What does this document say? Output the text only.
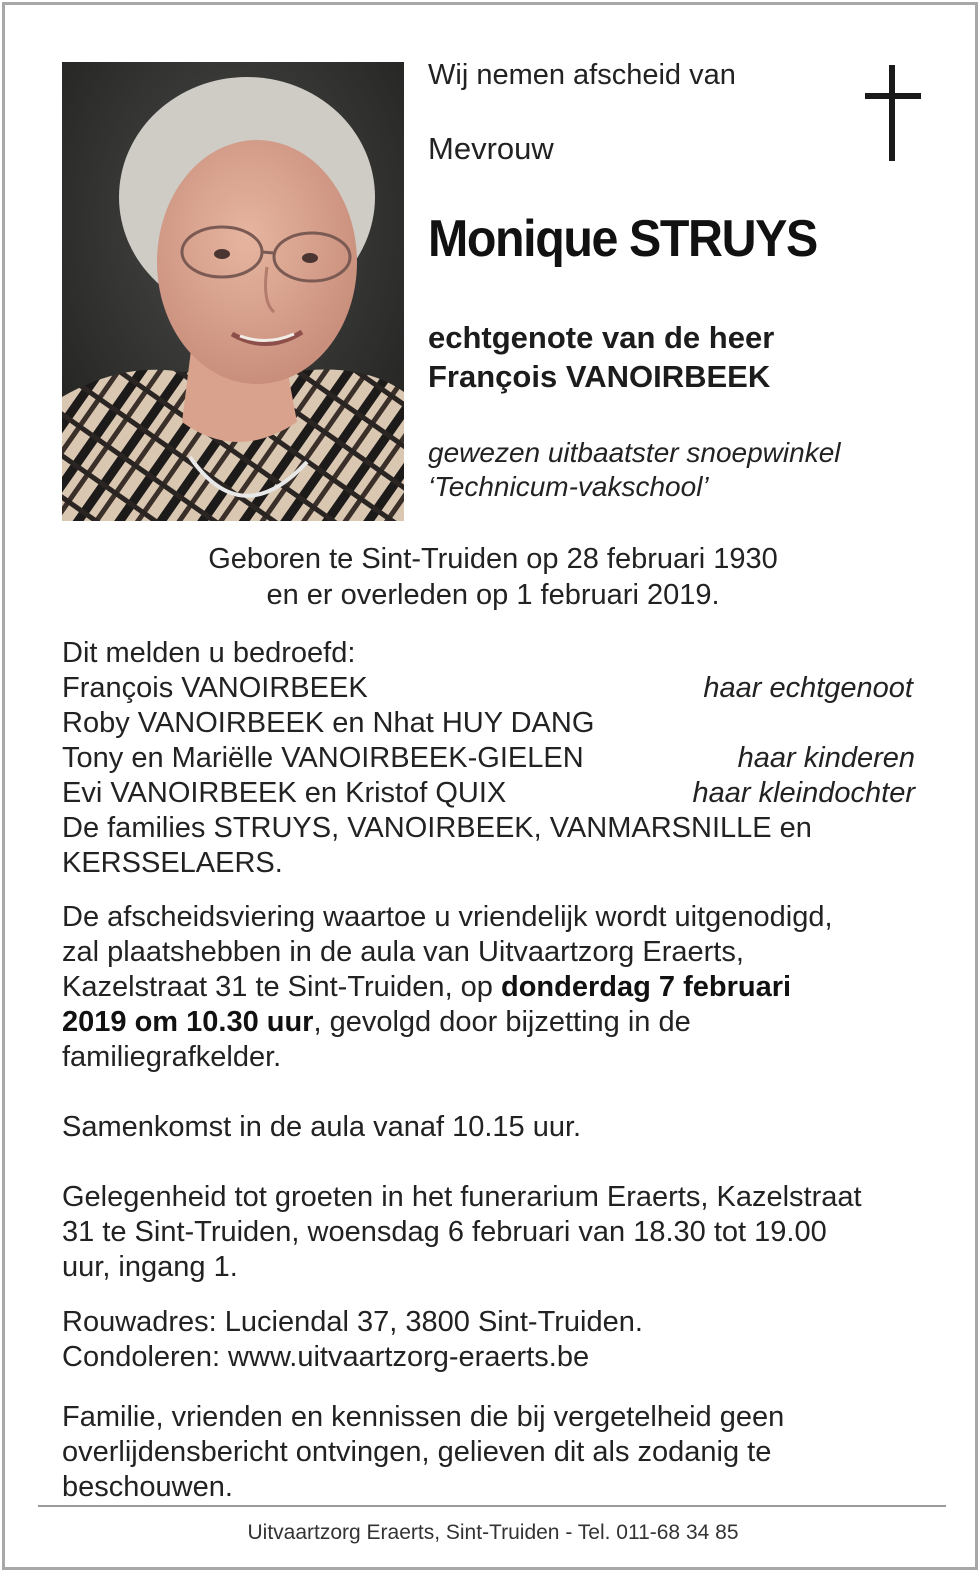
Wij nemen afscheid van
Mevrouw
Monique STRUYS
echtgenote van de heer
François VANOIRBEEK
gewezen uitbaatster snoepwinkel
‘Technicum-vakschool’
Geboren te Sint-Truiden op 28 februari 1930
en er overleden op 1 februari 2019.
Dit melden u bedroefd:
François VANOIRBEEK	haar echtgenoot
Roby VANOIRBEEK en Nhat HUY DANG
Tony en Mariëlle VANOIRBEEK-GIELEN	haar kinderen
Evi VANOIRBEEK en Kristof QUIX	haar kleindochter
De families STRUYS, VANOIRBEEK, VANMARSNILLE en
KERSSELAERS.
De afscheidsviering waartoe u vriendelijk wordt uitgenodigd,
zal plaatshebben in de aula van Uitvaartzorg Eraerts,
Kazelstraat 31 te Sint-Truiden, op donderdag 7 februari
2019 om 10.30 uur, gevolgd door bijzetting in de
familiegrafkelder.
Samenkomst in de aula vanaf 10.15 uur.
Gelegenheid tot groeten in het funerarium Eraerts, Kazelstraat
31 te Sint-Truiden, woensdag 6 februari van 18.30 tot 19.00
uur, ingang 1.
Rouwadres: Luciendal 37, 3800 Sint-Truiden.
Condoleren: www.uitvaartzorg-eraerts.be
Familie, vrienden en kennissen die bij vergetelheid geen
overlijdensbericht ontvingen, gelieven dit als zodanig te
beschouwen.
Uitvaartzorg Eraerts, Sint-Truiden - Tel. 011-68 34 85
